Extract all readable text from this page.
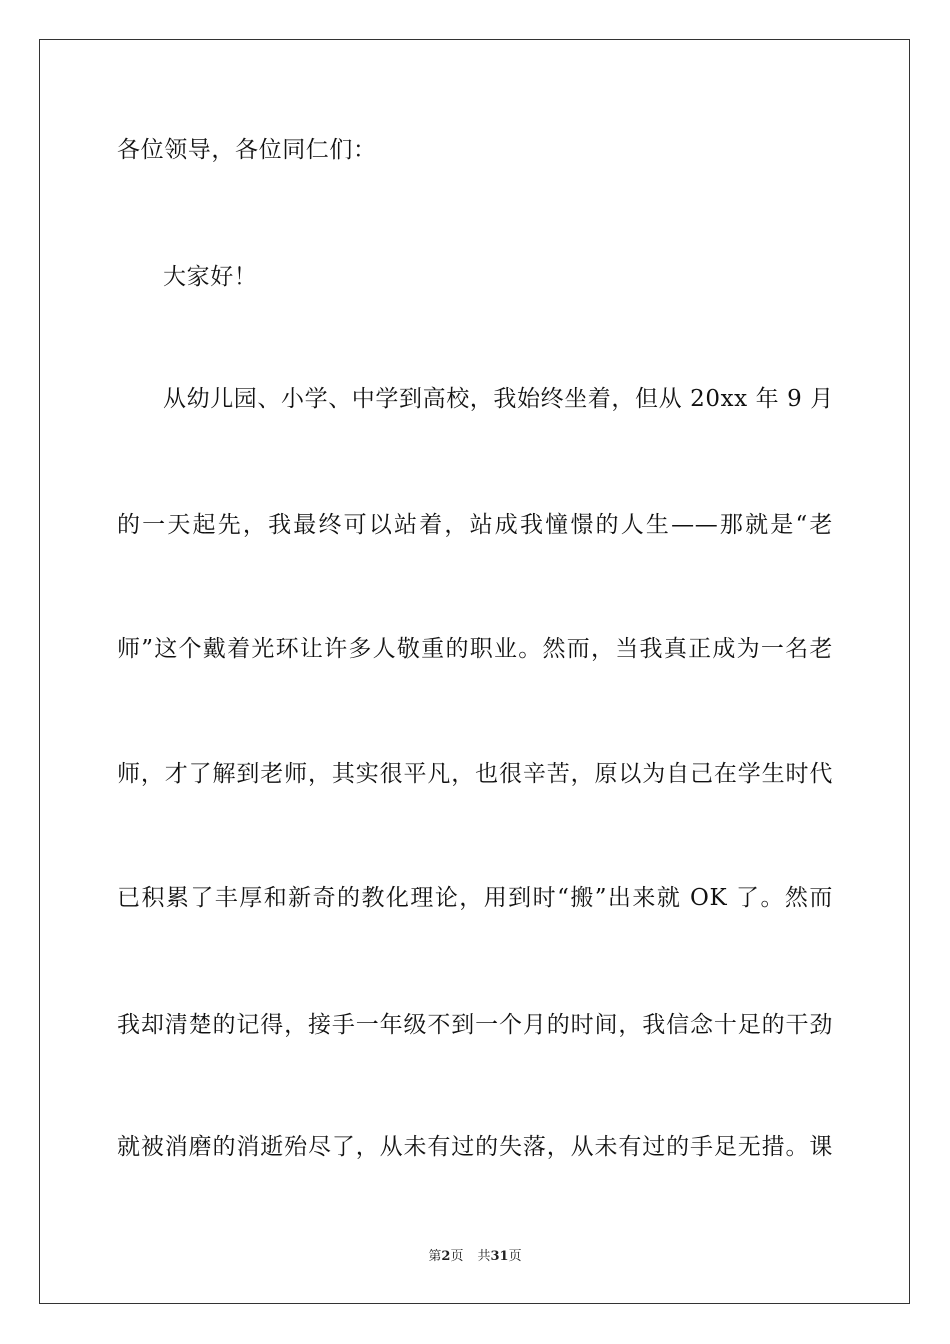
各位领导，各位同仁们：
大家好！
从幼儿园、小学、中学到高校，我始终坐着，但从 20xx 年 9 月
的一天起先，我最终可以站着，站成我憧憬的人生——那就是“老
师”这个戴着光环让许多人敬重的职业。然而，当我真正成为一名老
师，才了解到老师，其实很平凡，也很辛苦，原以为自己在学生时代
已积累了丰厚和新奇的教化理论，用到时“搬”出来就 OK 了。然而
我却清楚的记得，接手一年级不到一个月的时间，我信念十足的干劲
就被消磨的消逝殆尽了，从未有过的失落，从未有过的手足无措。课
第2页 共31页
